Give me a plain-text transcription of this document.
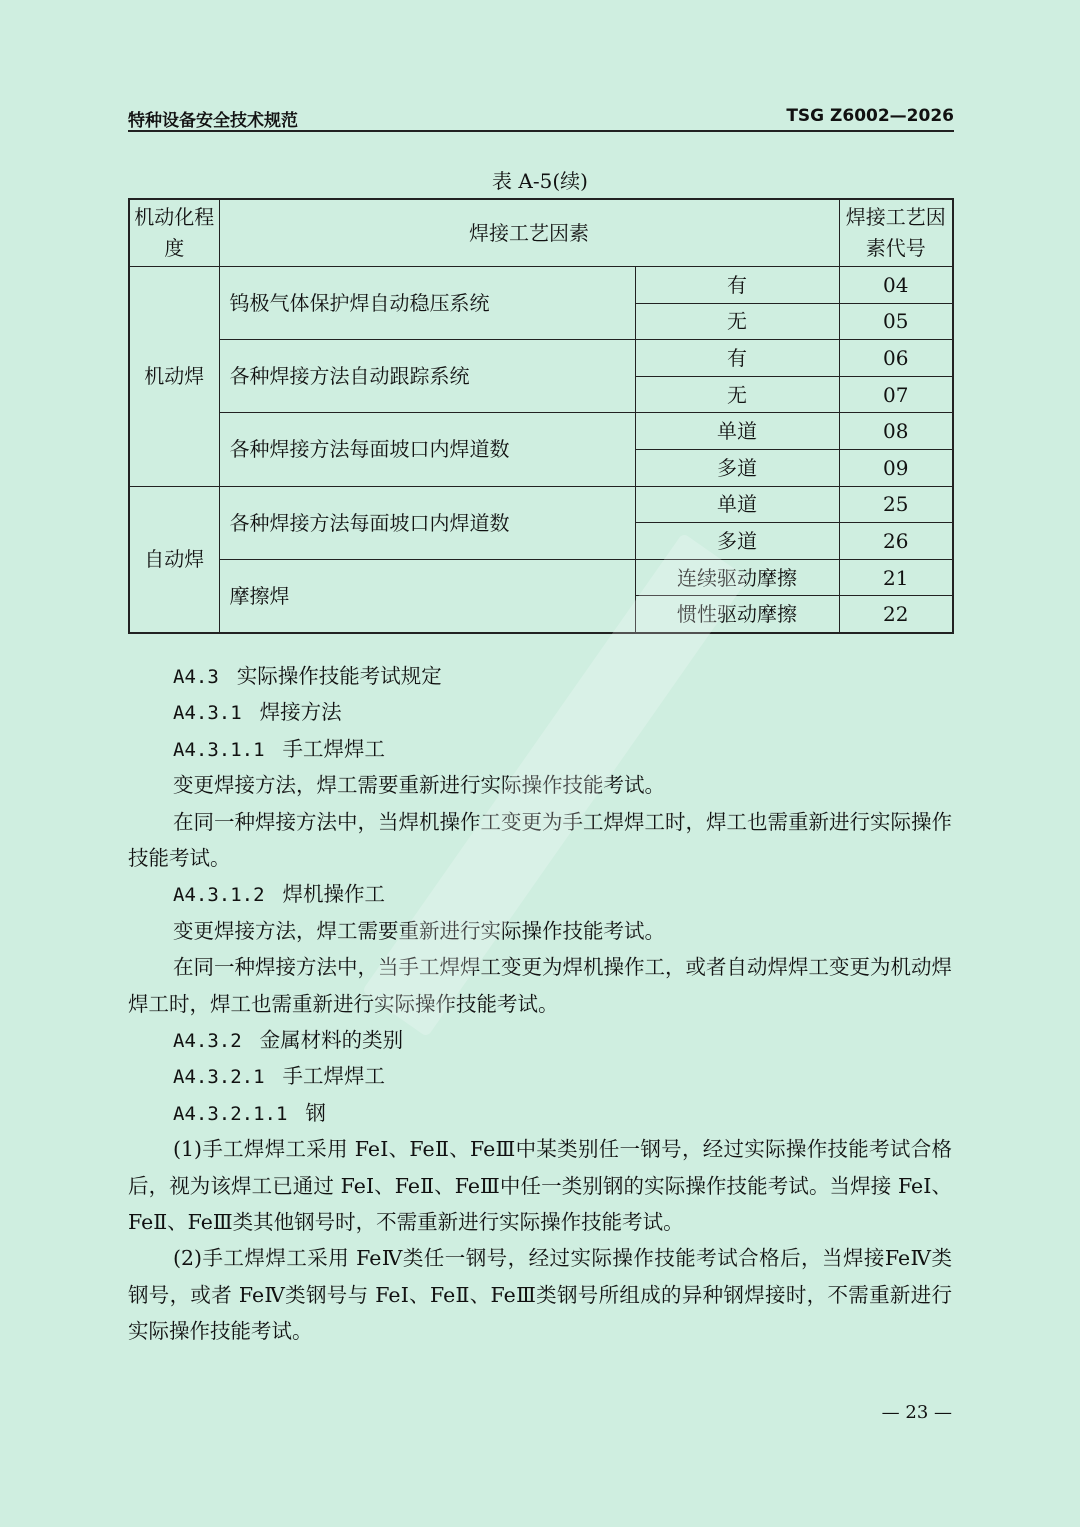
特种设备安全技术规范	TSG Z6002—2026
表 A-5(续)
机动化程度	焊接工艺因素		焊接工艺因素代号
机动焊	钨极气体保护焊自动稳压系统	有	04
		无	05
	各种焊接方法自动跟踪系统	有	06
		无	07
	各种焊接方法每面坡口内焊道数	单道	08
		多道	09
自动焊	各种焊接方法每面坡口内焊道数	单道	25
		多道	26
	摩擦焊	连续驱动摩擦	21
		惯性驱动摩擦	22
A4.3 实际操作技能考试规定
A4.3.1 焊接方法
A4.3.1.1 手工焊焊工
变更焊接方法，焊工需要重新进行实际操作技能考试。
在同一种焊接方法中，当焊机操作工变更为手工焊焊工时，焊工也需重新进行实际操作技能考试。
A4.3.1.2 焊机操作工
变更焊接方法，焊工需要重新进行实际操作技能考试。
在同一种焊接方法中，当手工焊焊工变更为焊机操作工，或者自动焊焊工变更为机动焊焊工时，焊工也需重新进行实际操作技能考试。
A4.3.2 金属材料的类别
A4.3.2.1 手工焊焊工
A4.3.2.1.1 钢
(1)手工焊焊工采用 FeⅠ、FeⅡ、FeⅢ中某类别任一钢号，经过实际操作技能考试合格后，视为该焊工已通过 FeⅠ、FeⅡ、FeⅢ中任一类别钢的实际操作技能考试。当焊接 FeⅠ、FeⅡ、FeⅢ类其他钢号时，不需重新进行实际操作技能考试。
(2)手工焊焊工采用 FeⅣ类任一钢号，经过实际操作技能考试合格后，当焊接FeⅣ类钢号，或者 FeⅣ类钢号与 FeⅠ、FeⅡ、FeⅢ类钢号所组成的异种钢焊接时，不需重新进行实际操作技能考试。
— 23 —
